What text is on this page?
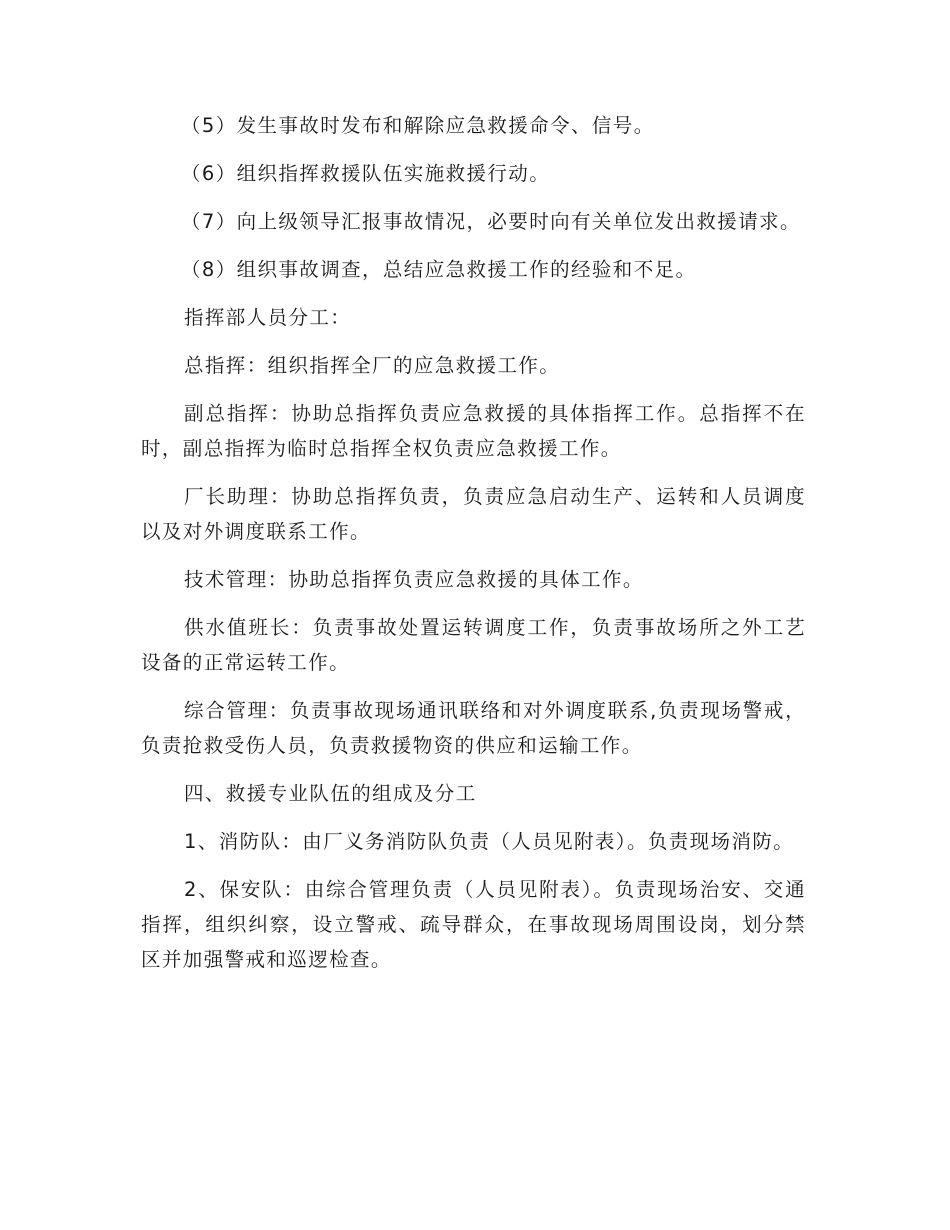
（5）发生事故时发布和解除应急救援命令、信号。

（6）组织指挥救援队伍实施救援行动。

（7）向上级领导汇报事故情况，必要时向有关单位发出救援请求。

（8）组织事故调查，总结应急救援工作的经验和不足。

指挥部人员分工：

总指挥：组织指挥全厂的应急救援工作。

副总指挥：协助总指挥负责应急救援的具体指挥工作。总指挥不在时，副总指挥为临时总指挥全权负责应急救援工作。

厂长助理：协助总指挥负责，负责应急启动生产、运转和人员调度以及对外调度联系工作。

技术管理：协助总指挥负责应急救援的具体工作。

供水值班长：负责事故处置运转调度工作，负责事故场所之外工艺设备的正常运转工作。

综合管理：负责事故现场通讯联络和对外调度联系,负责现场警戒，负责抢救受伤人员，负责救援物资的供应和运输工作。

四、救援专业队伍的组成及分工

1、消防队：由厂义务消防队负责（人员见附表）。负责现场消防。

2、保安队：由综合管理负责（人员见附表）。负责现场治安、交通指挥，组织纠察，设立警戒、疏导群众，在事故现场周围设岗，划分禁区并加强警戒和巡逻检查。
